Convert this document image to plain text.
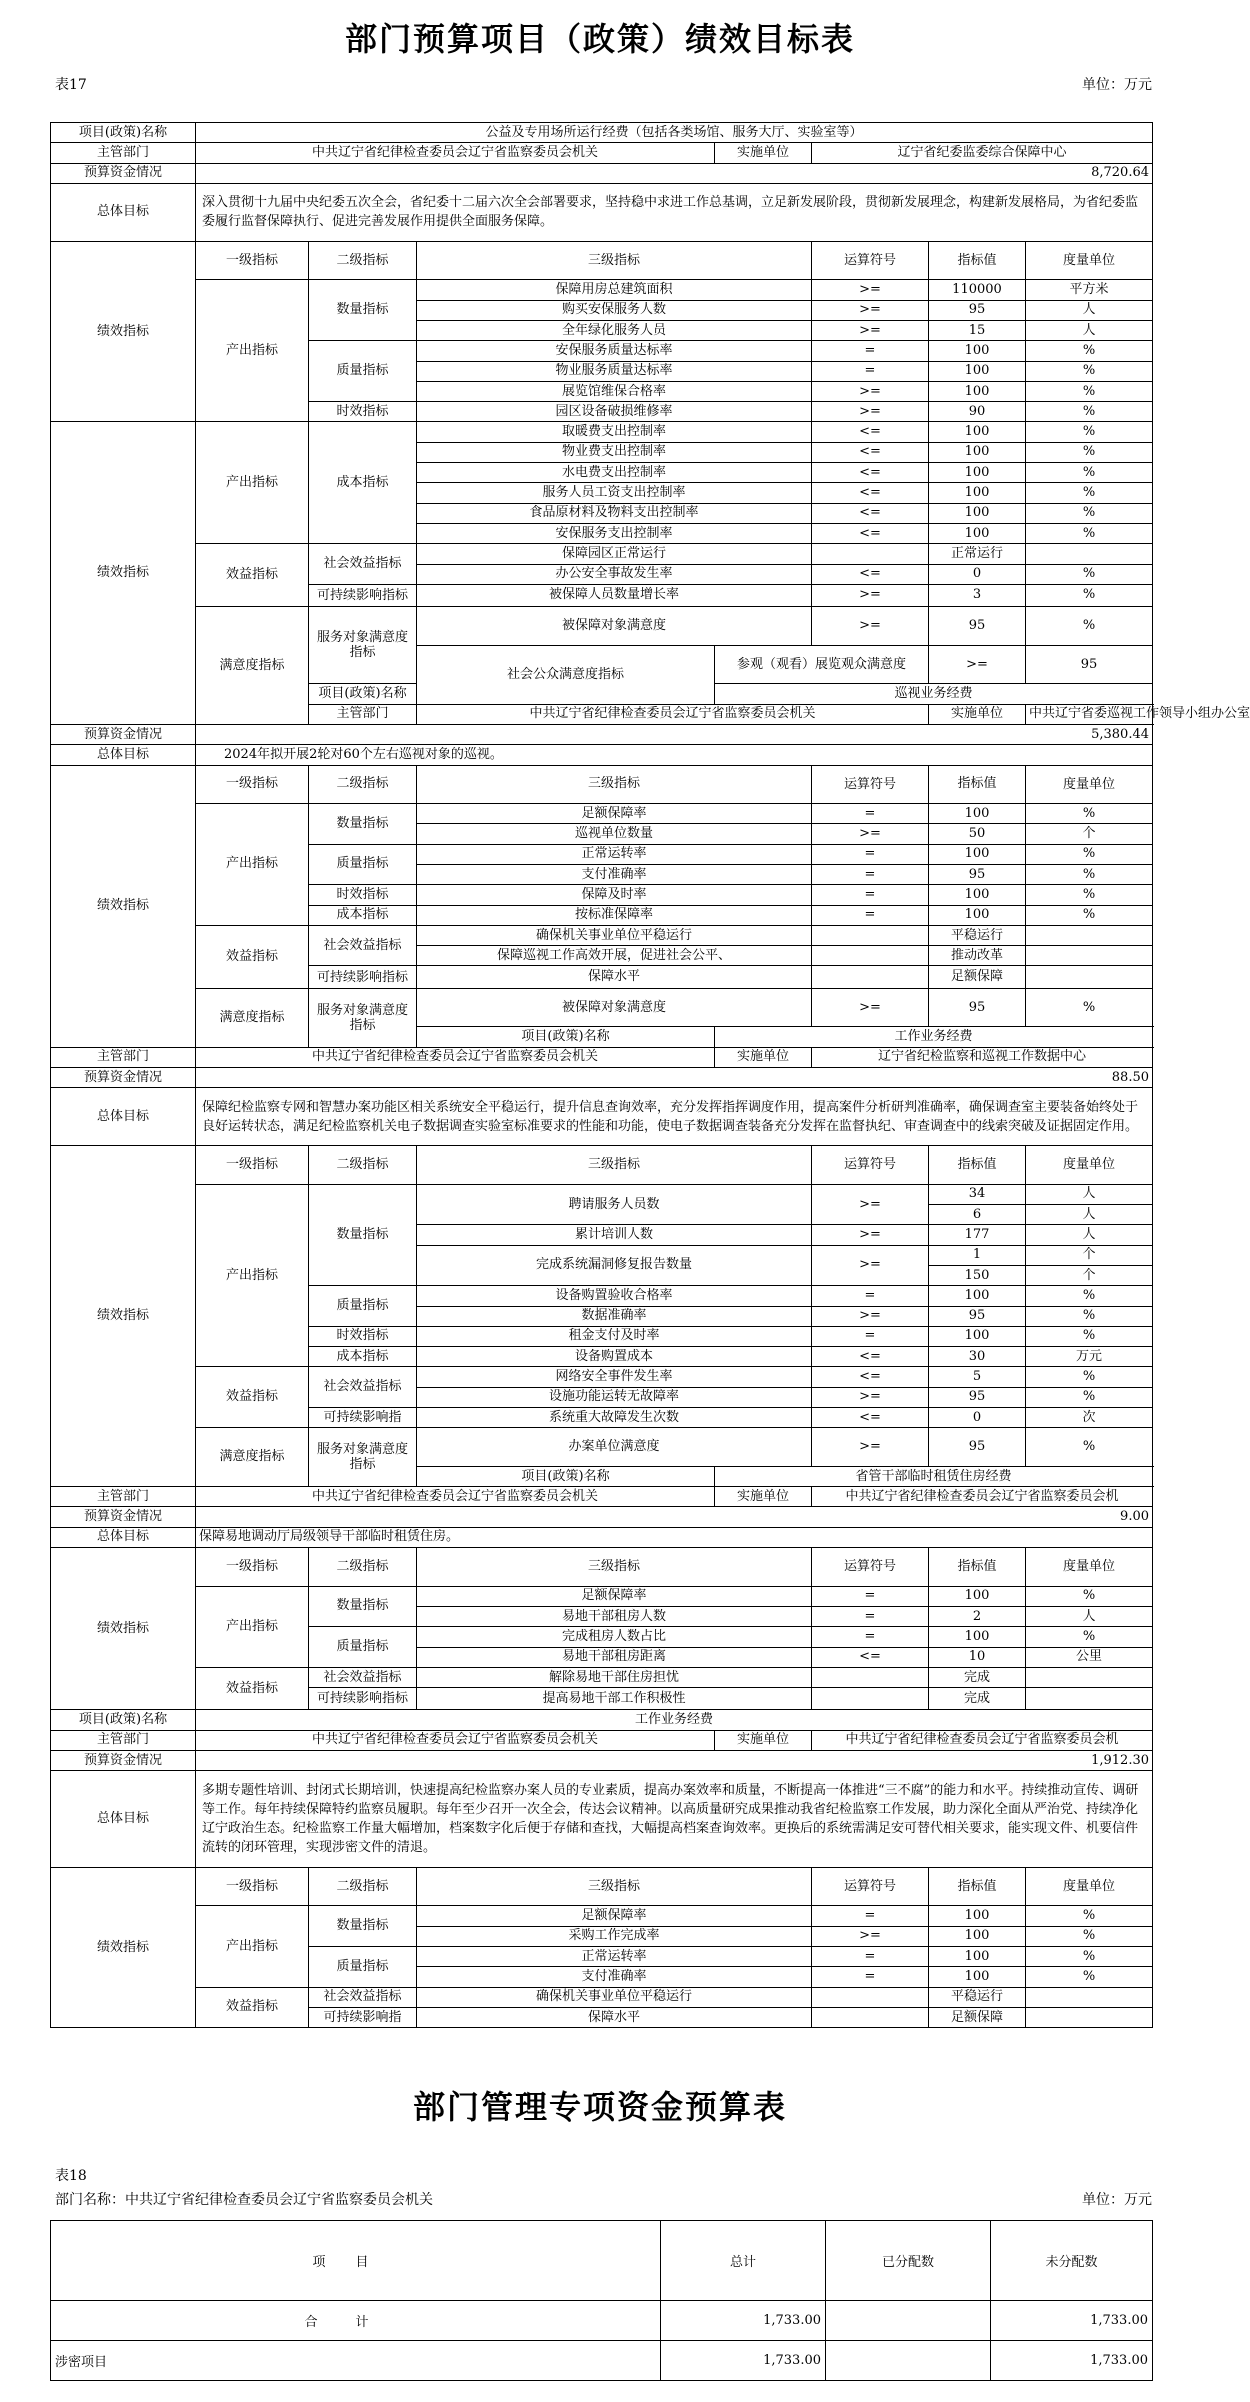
部门预算项目（政策）绩效目标表
表17	单位：万元
项目(政策)名称	公益及专用场所运行经费（包括各类场馆、服务大厅、实验室等）							
主管部门	中共辽宁省纪律检查委员会辽宁省监察委员会机关			实施单位	辽宁省纪委监委综合保障中心			
预算资金情况	8,720.64							
总体目标	深入贯彻十九届中央纪委五次全会，省纪委十二届六次全会部署要求，坚持稳中求进工作总基调，立足新发展阶段，贯彻新发展理念，构建新发展格局，为省纪委监委履行监督保障执行、促进完善发展作用提供全面服务保障。							
绩效指标	一级指标	二级指标	三级指标		运算符号	指标值	度量单位	
	产出指标	数量指标	保障用房总建筑面积		>=	110000	平方米	
			购买安保服务人数		>=	95	人	
			全年绿化服务人员		>=	15	人	
		质量指标	安保服务质量达标率		=	100	%	
			物业服务质量达标率		=	100	%	
			展览馆维保合格率		>=	100	%	
		时效指标	园区设备破损维修率		>=	90	%	
绩效指标	产出指标	成本指标	取暖费支出控制率		<=	100	%	
			物业费支出控制率		<=	100	%	
			水电费支出控制率		<=	100	%	
			服务人员工资支出控制率		<=	100	%	
			食品原材料及物料支出控制率		<=	100	%	
			安保服务支出控制率		<=	100	%	
	效益指标	社会效益指标	保障园区正常运行			正常运行		
			办公安全事故发生率		<=	0	%	
		可持续影响指标	被保障人员数量增长率		>=	3	%	
	满意度指标	服务对象满意度指标	被保障对象满意度		>=	95	%	
			社会公众满意度指标	参观（观看）展览观众满意度		>=	95		
		项目(政策)名称		巡视业务经费				
		主管部门	中共辽宁省纪律检查委员会辽宁省监察委员会机关			实施单位	中共辽宁省委巡视工作领导小组办公室	
预算资金情况	5,380.44							
总体目标	2024年拟开展2轮对60个左右巡视对象的巡视。							
绩效指标	一级指标	二级指标	三级指标		运算符号	指标值	度量单位	
	产出指标	数量指标	足额保障率		=	100	%	
			巡视单位数量		>=	50	个	
		质量指标	正常运转率		=	100	%	
			支付准确率		=	95	%	
		时效指标	保障及时率		=	100	%	
		成本指标	按标准保障率		=	100	%	
	效益指标	社会效益指标	确保机关事业单位平稳运行			平稳运行		
			保障巡视工作高效开展，促进社会公平、			推动改革		
		可持续影响指标	保障水平			足额保障		
	满意度指标	服务对象满意度指标	被保障对象满意度		>=	95	%	
			项目(政策)名称	工作业务经费				
主管部门	中共辽宁省纪律检查委员会辽宁省监察委员会机关			实施单位	辽宁省纪检监察和巡视工作数据中心			
预算资金情况	88.50							
总体目标	保障纪检监察专网和智慧办案功能区相关系统安全平稳运行，提升信息查询效率，充分发挥指挥调度作用，提高案件分析研判准确率，确保调查室主要装备始终处于良好运转状态，满足纪检监察机关电子数据调查实验室标准要求的性能和功能，使电子数据调查装备充分发挥在监督执纪、审查调查中的线索突破及证据固定作用。							
绩效指标	一级指标	二级指标	三级指标		运算符号	指标值	度量单位	
	产出指标	数量指标	聘请服务人员数		>=	34	人	
						6	人	
			累计培训人数		>=	177	人	
			完成系统漏洞修复报告数量		>=	1	个	
						150	个	
		质量指标	设备购置验收合格率		=	100	%	
			数据准确率		>=	95	%	
		时效指标	租金支付及时率		=	100	%	
		成本指标	设备购置成本		<=	30	万元	
	效益指标	社会效益指标	网络安全事件发生率		<=	5	%	
			设施功能运转无故障率		>=	95	%	
		可持续影响指	系统重大故障发生次数		<=	0	次	
	满意度指标	服务对象满意度指标	办案单位满意度		>=	95	%	
			项目(政策)名称	省管干部临时租赁住房经费				
主管部门	中共辽宁省纪律检查委员会辽宁省监察委员会机关			实施单位	中共辽宁省纪律检查委员会辽宁省监察委员会机			
预算资金情况	9.00							
总体目标	保障易地调动厅局级领导干部临时租赁住房。							
绩效指标	一级指标	二级指标	三级指标		运算符号	指标值	度量单位	
	产出指标	数量指标	足额保障率		=	100	%	
			易地干部租房人数		=	2	人	
		质量指标	完成租房人数占比		=	100	%	
			易地干部租房距离		<=	10	公里	
	效益指标	社会效益指标	解除易地干部住房担忧			完成		
		可持续影响指标	提高易地干部工作积极性			完成		
项目(政策)名称	工作业务经费							
主管部门	中共辽宁省纪律检查委员会辽宁省监察委员会机关			实施单位	中共辽宁省纪律检查委员会辽宁省监察委员会机			
预算资金情况	1,912.30							
总体目标	多期专题性培训、封闭式长期培训，快速提高纪检监察办案人员的专业素质，提高办案效率和质量，不断提高一体推进“三不腐”的能力和水平。持续推动宣传、调研等工作。每年持续保障特约监察员履职。每年至少召开一次全会，传达会议精神。以高质量研究成果推动我省纪检监察工作发展，助力深化全面从严治党、持续净化辽宁政治生态。纪检监察工作量大幅增加，档案数字化后便于存储和查找，大幅提高档案查询效率。更换后的系统需满足安可替代相关要求，能实现文件、机要信件流转的闭环管理，实现涉密文件的清退。							
绩效指标	一级指标	二级指标	三级指标		运算符号	指标值	度量单位	
	产出指标	数量指标	足额保障率		=	100	%	
			采购工作完成率		>=	100	%	
		质量指标	正常运转率		=	100	%	
			支付准确率		=	100	%	
	效益指标	社会效益指标	确保机关事业单位平稳运行			平稳运行		
		可持续影响指	保障水平			足额保障		
部门管理专项资金预算表
表18
部门名称：中共辽宁省纪律检查委员会辽宁省监察委员会机关	单位：万元
项目	总计	已分配数	未分配数
合计	1,733.00		1,733.00
涉密项目	1,733.00		1,733.00
